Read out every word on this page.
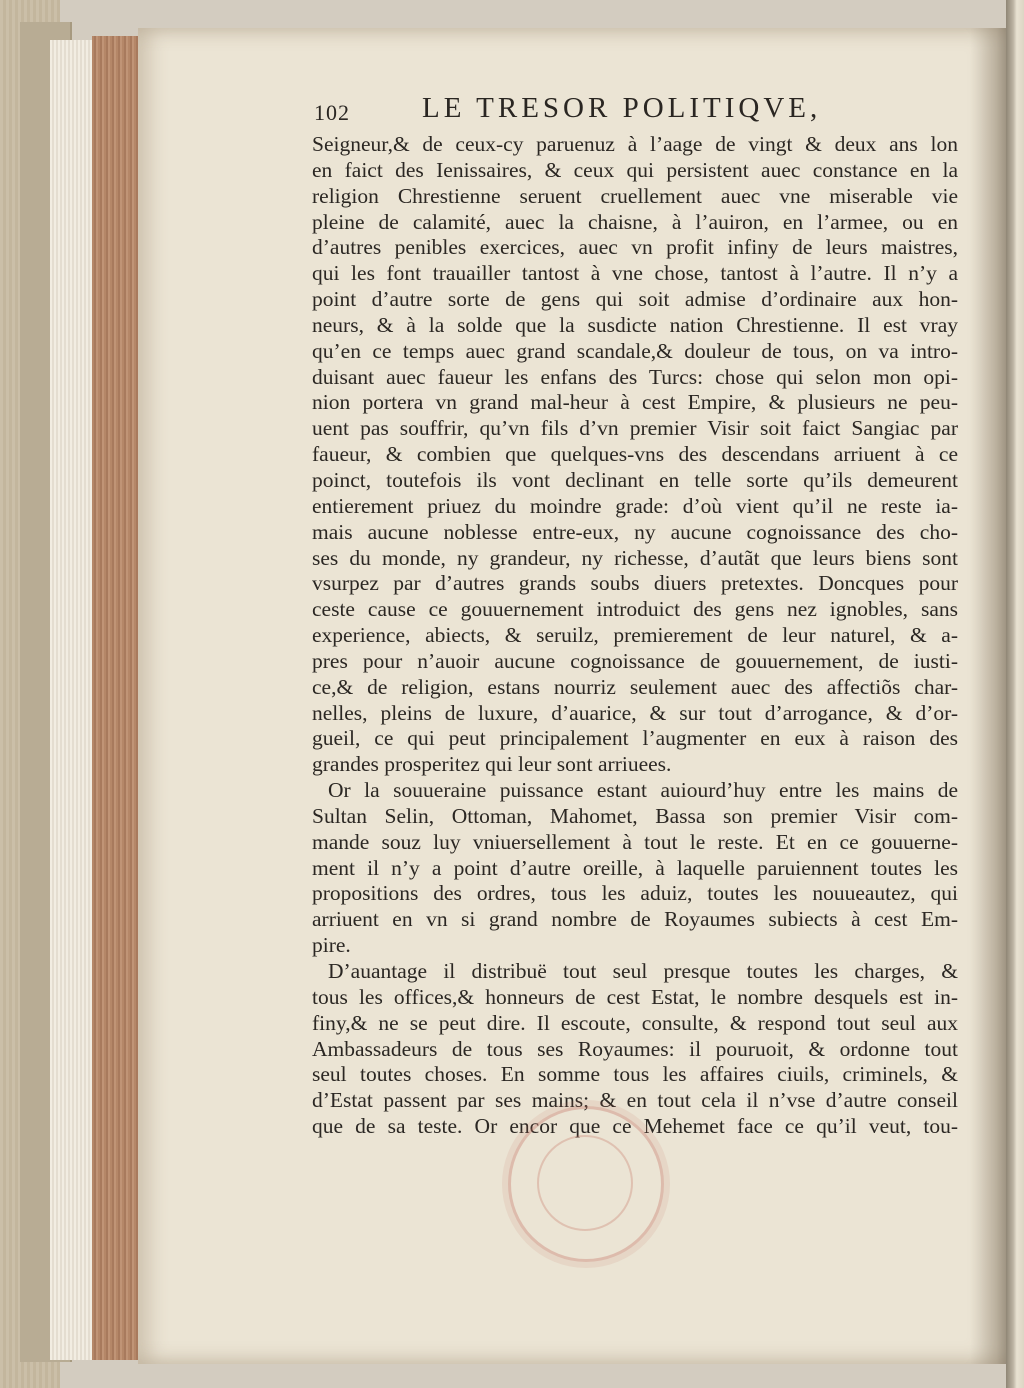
102 LE TRESOR POLITIQVE,
Seigneur,& de ceux-cy paruenuz à l’aage de vingt & deux ans lon
en faict des Ienissaires, & ceux qui persistent auec constance en la
religion Chrestienne seruent cruellement auec vne miserable vie
pleine de calamité, auec la chaisne, à l’auiron, en l’armee, ou en
d’autres penibles exercices, auec vn profit infiny de leurs maistres,
qui les font trauailler tantost à vne chose, tantost à l’autre. Il n’y a
point d’autre sorte de gens qui soit admise d’ordinaire aux hon-
neurs, & à la solde que la susdicte nation Chrestienne. Il est vray
qu’en ce temps auec grand scandale,& douleur de tous, on va intro-
duisant auec faueur les enfans des Turcs: chose qui selon mon opi-
nion portera vn grand mal-heur à cest Empire, & plusieurs ne peu-
uent pas souffrir, qu’vn fils d’vn premier Visir soit faict Sangiac par
faueur, & combien que quelques-vns des descendans arriuent à ce
poinct, toutefois ils vont declinant en telle sorte qu’ils demeurent
entierement priuez du moindre grade: d’où vient qu’il ne reste ia-
mais aucune noblesse entre-eux, ny aucune cognoissance des cho-
ses du monde, ny grandeur, ny richesse, d’autãt que leurs biens sont
vsurpez par d’autres grands soubs diuers pretextes. Doncques pour
ceste cause ce gouuernement introduict des gens nez ignobles, sans
experience, abiects, & seruilz, premierement de leur naturel, & a-
pres pour n’auoir aucune cognoissance de gouuernement, de iusti-
ce,& de religion, estans nourriz seulement auec des affectiõs char-
nelles, pleins de luxure, d’auarice, & sur tout d’arrogance, & d’or-
gueil, ce qui peut principalement l’augmenter en eux à raison des
grandes prosperitez qui leur sont arriuees.
Or la souueraine puissance estant auiourd’huy entre les mains de
Sultan Selin, Ottoman, Mahomet, Bassa son premier Visir com-
mande souz luy vniuersellement à tout le reste. Et en ce gouuerne-
ment il n’y a point d’autre oreille, à laquelle paruiennent toutes les
propositions des ordres, tous les aduiz, toutes les nouueautez, qui
arriuent en vn si grand nombre de Royaumes subiects à cest Em-
pire.
D’auantage il distribuë tout seul presque toutes les charges, &
tous les offices,& honneurs de cest Estat, le nombre desquels est in-
finy,& ne se peut dire. Il escoute, consulte, & respond tout seul aux
Ambassadeurs de tous ses Royaumes: il pouruoit, & ordonne tout
seul toutes choses. En somme tous les affaires ciuils, criminels, &
d’Estat passent par ses mains; & en tout cela il n’vse d’autre conseil
que de sa teste. Or encor que ce Mehemet face ce qu’il veut, tou-
